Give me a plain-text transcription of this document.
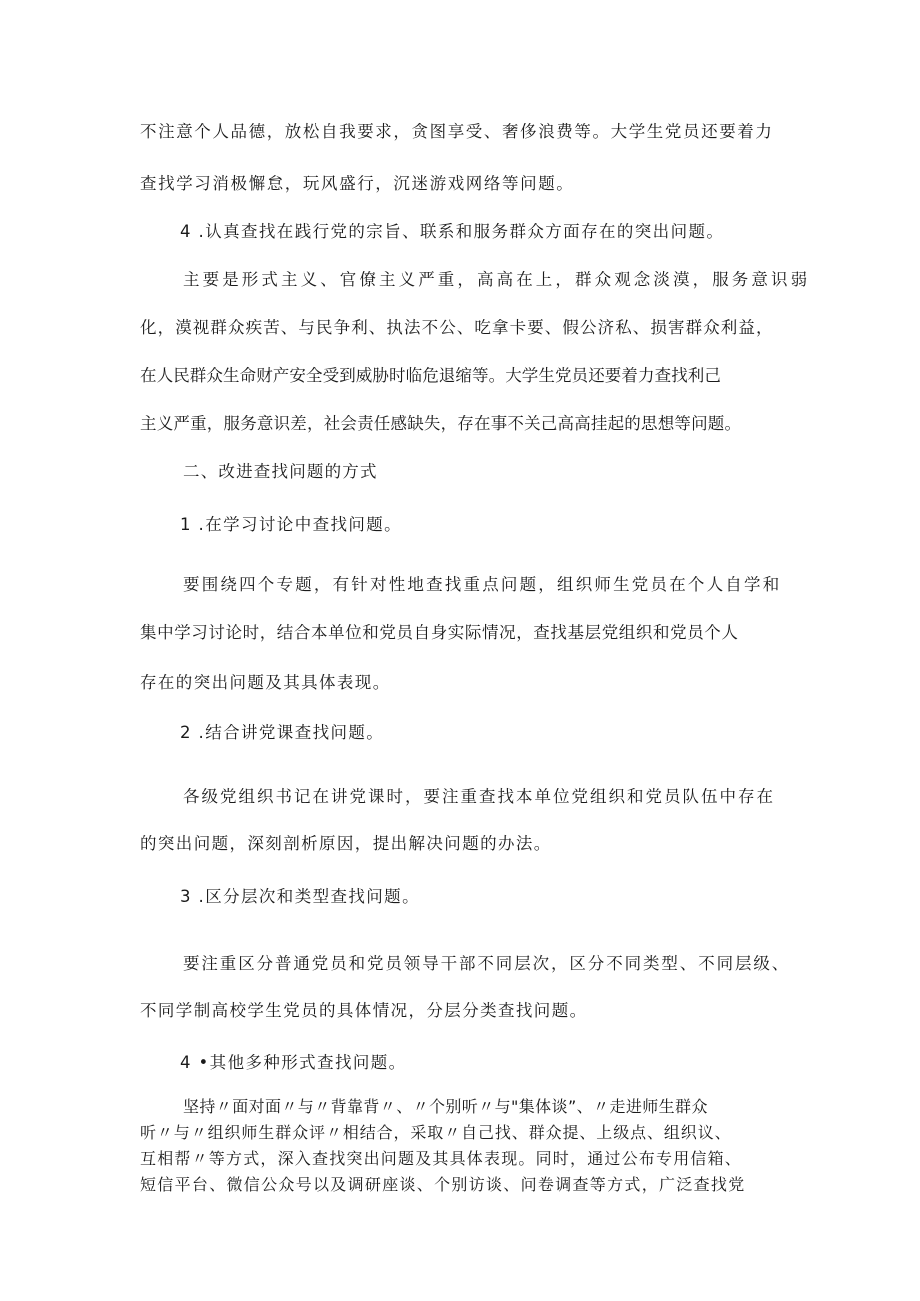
不注意个人品德，放松自我要求，贪图享受、奢侈浪费等。大学生党员还要着力
查找学习消极懈怠，玩风盛行，沉迷游戏网络等问题。
4 .认真查找在践行党的宗旨、联系和服务群众方面存在的突出问题。
主要是形式主义、官僚主义严重，高高在上，群众观念淡漠，服务意识弱
化，漠视群众疾苦、与民争利、执法不公、吃拿卡要、假公济私、损害群众利益，
在人民群众生命财产安全受到威胁时临危退缩等。大学生党员还要着力查找利己
主义严重，服务意识差，社会责任感缺失，存在事不关己高高挂起的思想等问题。
二、改进查找问题的方式
1 .在学习讨论中查找问题。
要围绕四个专题，有针对性地查找重点问题，组织师生党员在个人自学和
集中学习讨论时，结合本单位和党员自身实际情况，查找基层党组织和党员个人
存在的突出问题及其具体表现。
2 .结合讲党课查找问题。
各级党组织书记在讲党课时，要注重查找本单位党组织和党员队伍中存在
的突出问题，深刻剖析原因，提出解决问题的办法。
3 .区分层次和类型查找问题。
要注重区分普通党员和党员领导干部不同层次，区分不同类型、不同层级、
不同学制高校学生党员的具体情况，分层分类查找问题。
4 •其他多种形式查找问题。
坚持〃面对面〃与〃背靠背〃、〃个别听〃与"集体谈”、〃走进师生群众
听〃与〃组织师生群众评〃相结合，采取〃自己找、群众提、上级点、组织议、
互相帮〃等方式，深入查找突出问题及其具体表现。同时，通过公布专用信箱、
短信平台、微信公众号以及调研座谈、个别访谈、问卷调查等方式，广泛查找党
